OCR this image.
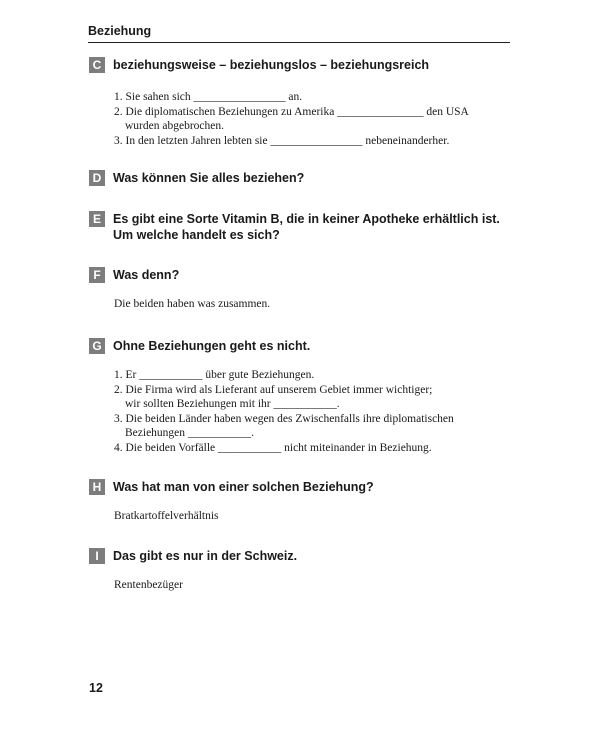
Beziehung
C beziehungsweise – beziehungslos – beziehungsreich
1. Sie sahen sich ________________ an.
2. Die diplomatischen Beziehungen zu Amerika _______________ den USA
wurden abgebrochen.
3. In den letzten Jahren lebten sie ________________ nebeneinanderher.
D Was können Sie alles beziehen?
E Es gibt eine Sorte Vitamin B, die in keiner Apotheke erhältlich ist.
Um welche handelt es sich?
F Was denn?
Die beiden haben was zusammen.
G Ohne Beziehungen geht es nicht.
1. Er ___________ über gute Beziehungen.
2. Die Firma wird als Lieferant auf unserem Gebiet immer wichtiger;
wir sollten Beziehungen mit ihr ___________.
3. Die beiden Länder haben wegen des Zwischenfalls ihre diplomatischen
Beziehungen ___________.
4. Die beiden Vorfälle ___________ nicht miteinander in Beziehung.
H Was hat man von einer solchen Beziehung?
Bratkartoffelverhältnis
I	Das gibt es nur in der Schweiz.
Rentenbezüger
12
